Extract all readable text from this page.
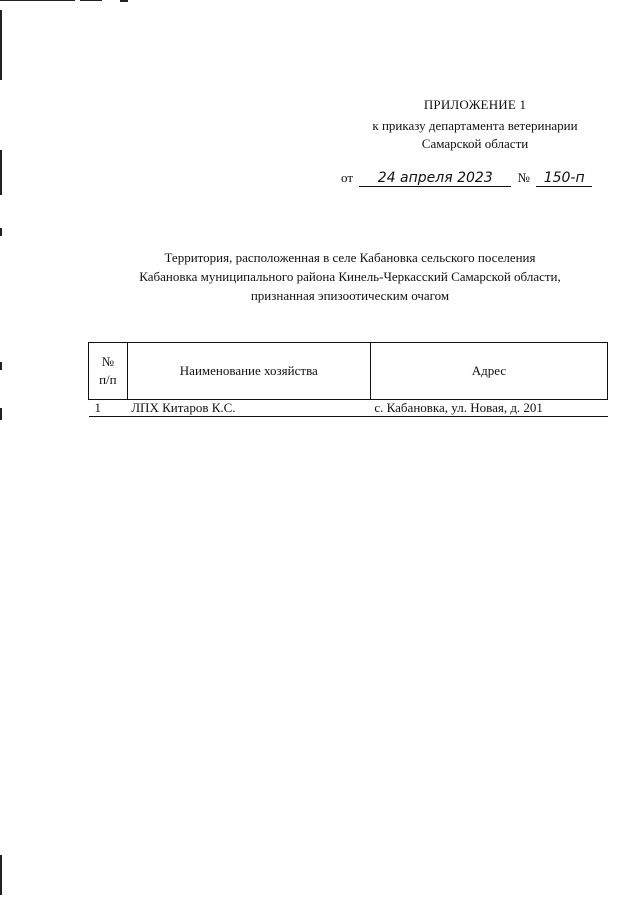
ПРИЛОЖЕНИЕ 1
к приказу департамента ветеринарии
Самарской области
от 24 апреля 2023 № 150-п
Территория, расположенная в селе Кабановка сельского поселения
Кабановка муниципального района Кинель-Черкасский Самарской области,
признанная эпизоотическим очагом
№
п/п	Наименование хозяйства	Адрес
1	ЛПХ Китаров К.С.	с. Кабановка, ул. Новая, д. 201
